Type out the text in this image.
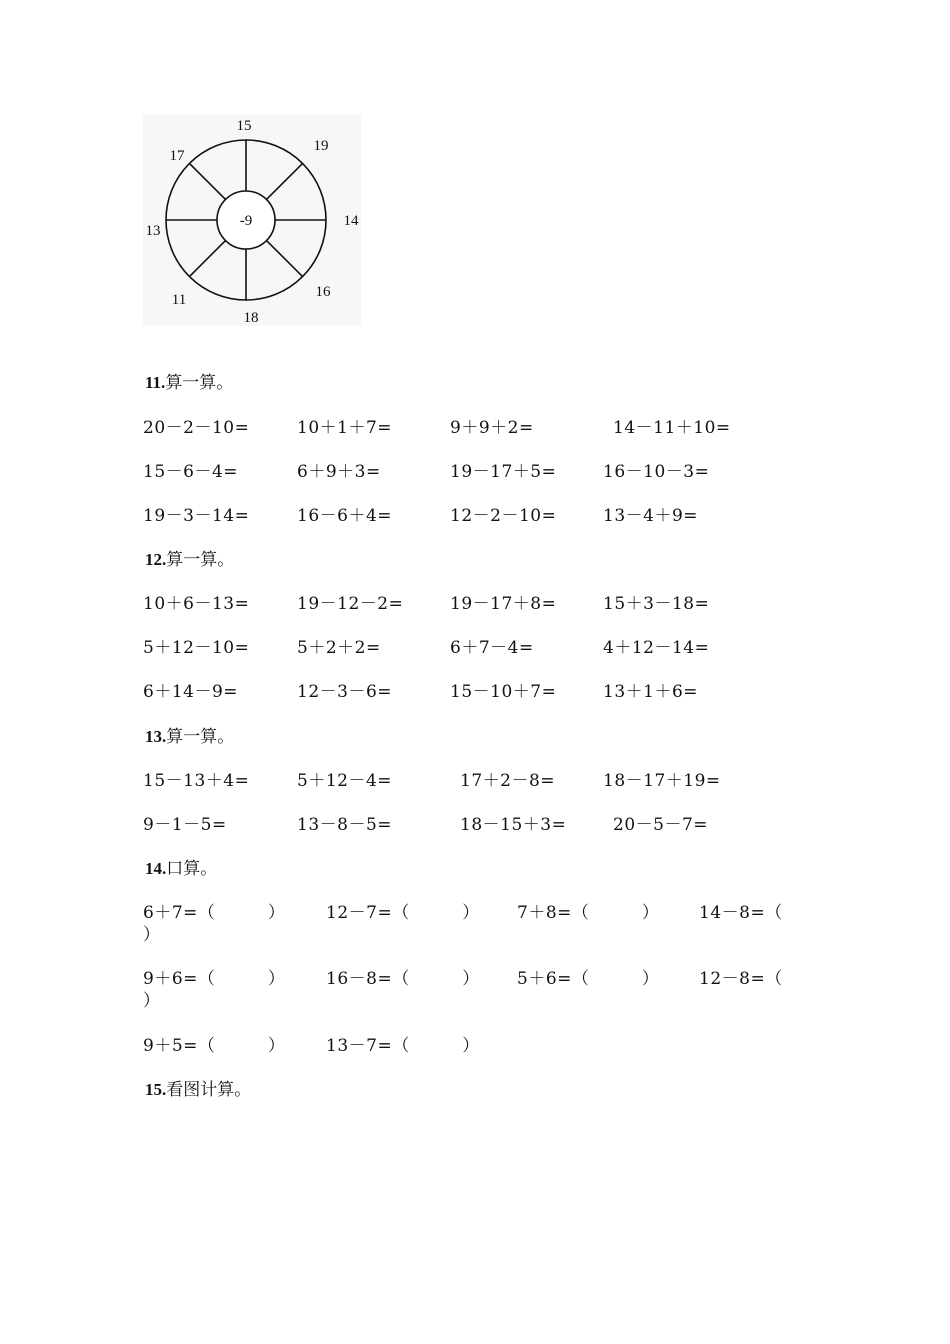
-9
15
19
14
16
18
11
13
17
11.算一算。
20－2－10=	10＋1＋7=	9＋9＋2=	14－11＋10=
15－6－4=	6＋9＋3=	19－17＋5=	16－10－3=
19－3－14=	16－6＋4=	12－2－10=	13－4＋9=
12.算一算。
10＋6－13=	19－12－2=	19－17＋8=	15＋3－18=
5＋12－10=	5＋2＋2=	6＋7－4=	4＋12－14=
6＋14－9=	12－3－6=	15－10＋7=	13＋1＋6=
13.算一算。
15－13＋4=	5＋12－4=	17＋2－8=	18－17＋19=
9－1－5=	13－8－5=	18－15＋3=	20－5－7=
14.口算。
6＋7=（　　　） 12－7=（　　　） 7＋8=（　　　） 14－8=（
）
9＋6=（　　　） 16－8=（　　　） 5＋6=（　　　） 12－8=（
）
9＋5=（　　　） 13－7=（　　　）
15.看图计算。
